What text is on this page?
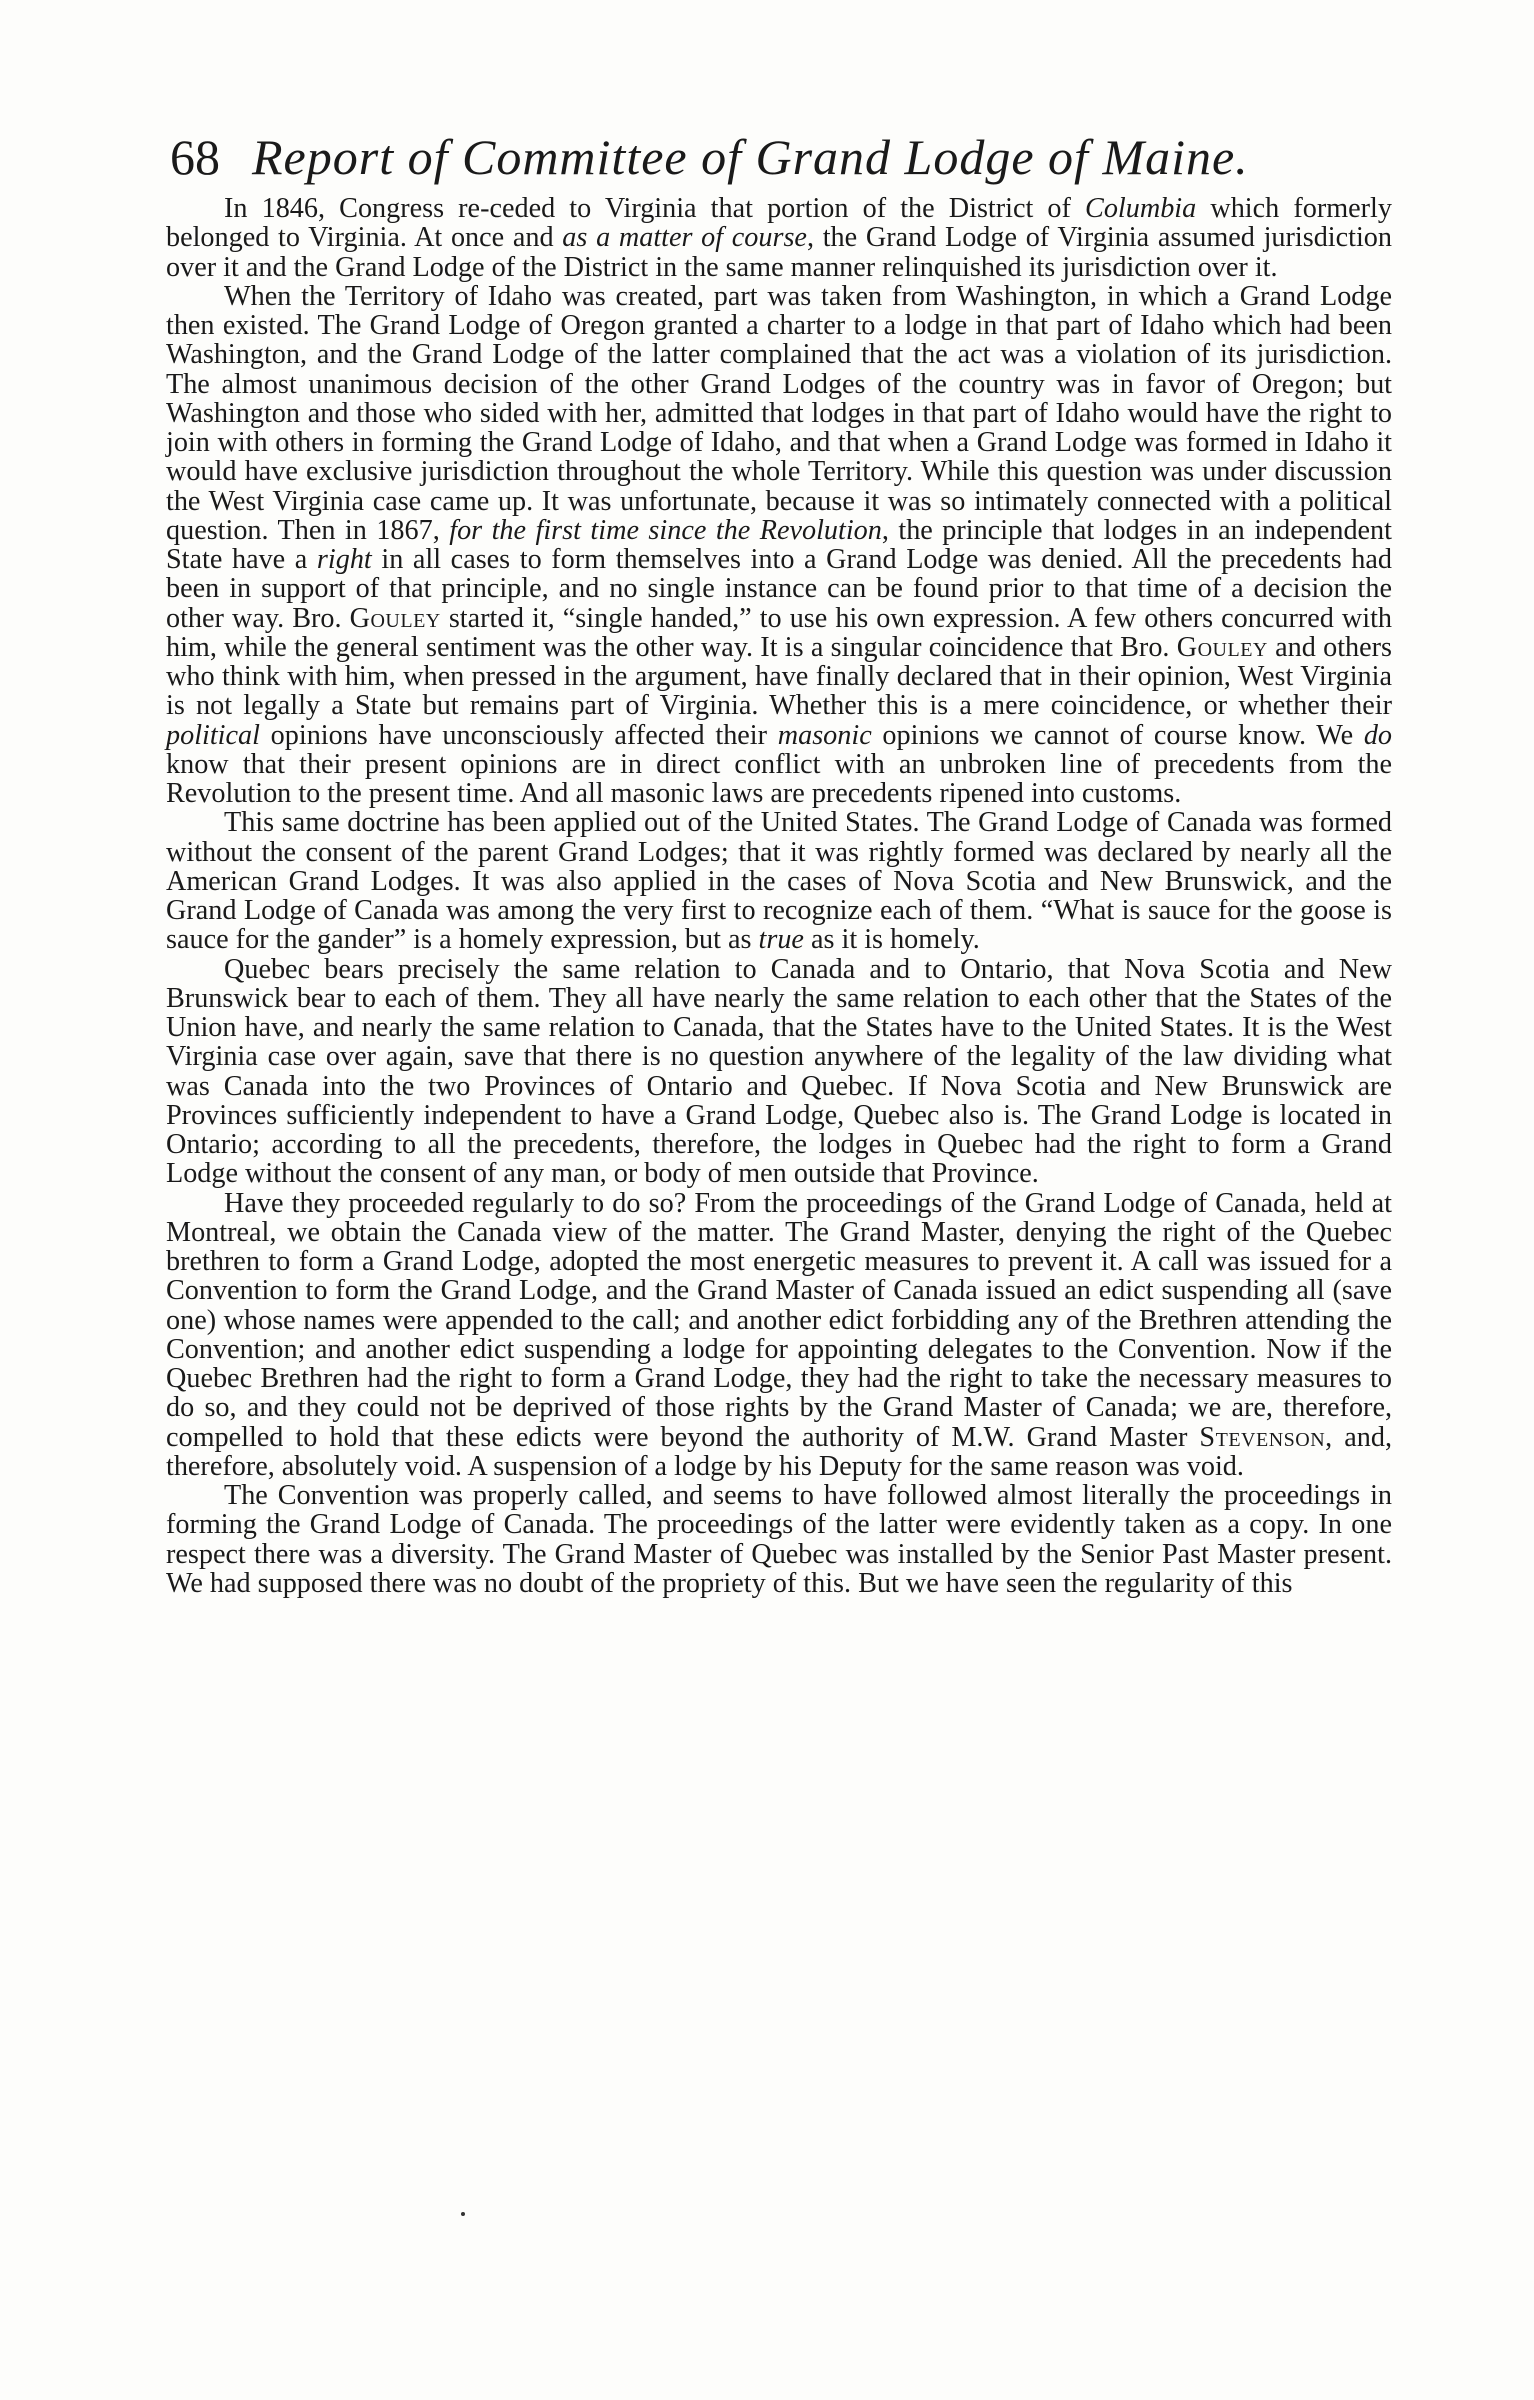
68 Report of Committee of Grand Lodge of Maine.

In 1846, Congress re-ceded to Virginia that portion of the District of Columbia which formerly belonged to Virginia. At once and as a matter of course, the Grand Lodge of Virginia assumed jurisdiction over it and the Grand Lodge of the District in the same manner relinquished its jurisdiction over it.

When the Territory of Idaho was created, part was taken from Washington, in which a Grand Lodge then existed. The Grand Lodge of Oregon granted a charter to a lodge in that part of Idaho which had been Washington, and the Grand Lodge of the latter complained that the act was a violation of its jurisdiction. The almost unanimous decision of the other Grand Lodges of the country was in favor of Oregon; but Washington and those who sided with her, admitted that lodges in that part of Idaho would have the right to join with others in forming the Grand Lodge of Idaho, and that when a Grand Lodge was formed in Idaho it would have exclusive jurisdiction throughout the whole Territory. While this question was under discussion the West Virginia case came up. It was unfortunate, because it was so intimately connected with a political question. Then in 1867, for the first time since the Revolution, the principle that lodges in an independent State have a right in all cases to form themselves into a Grand Lodge was denied. All the precedents had been in support of that principle, and no single instance can be found prior to that time of a decision the other way. Bro. Gouley started it, “single handed,” to use his own expression. A few others concurred with him, while the general sentiment was the other way. It is a singular coincidence that Bro. Gouley and others who think with him, when pressed in the argument, have finally declared that in their opinion, West Virginia is not legally a State but remains part of Virginia. Whether this is a mere coincidence, or whether their political opinions have unconsciously affected their masonic opinions we cannot of course know. We do know that their present opinions are in direct conflict with an unbroken line of precedents from the Revolution to the present time. And all masonic laws are precedents ripened into customs.

This same doctrine has been applied out of the United States. The Grand Lodge of Canada was formed without the consent of the parent Grand Lodges; that it was rightly formed was declared by nearly all the American Grand Lodges. It was also applied in the cases of Nova Scotia and New Brunswick, and the Grand Lodge of Canada was among the very first to recognize each of them. “What is sauce for the goose is sauce for the gander” is a homely expression, but as true as it is homely.

Quebec bears precisely the same relation to Canada and to Ontario, that Nova Scotia and New Brunswick bear to each of them. They all have nearly the same relation to each other that the States of the Union have, and nearly the same relation to Canada, that the States have to the United States. It is the West Virginia case over again, save that there is no question anywhere of the legality of the law dividing what was Canada into the two Provinces of Ontario and Quebec. If Nova Scotia and New Brunswick are Provinces sufficiently independent to have a Grand Lodge, Quebec also is. The Grand Lodge is located in Ontario; according to all the precedents, therefore, the lodges in Quebec had the right to form a Grand Lodge without the consent of any man, or body of men outside that Province.

Have they proceeded regularly to do so? From the proceedings of the Grand Lodge of Canada, held at Montreal, we obtain the Canada view of the matter. The Grand Master, denying the right of the Quebec brethren to form a Grand Lodge, adopted the most energetic measures to prevent it. A call was issued for a Convention to form the Grand Lodge, and the Grand Master of Canada issued an edict suspending all (save one) whose names were appended to the call; and another edict forbidding any of the Brethren attending the Convention; and another edict suspending a lodge for appointing delegates to the Convention. Now if the Quebec Brethren had the right to form a Grand Lodge, they had the right to take the necessary measures to do so, and they could not be deprived of those rights by the Grand Master of Canada; we are, therefore, compelled to hold that these edicts were beyond the authority of M.W. Grand Master Stevenson, and, therefore, absolutely void. A suspension of a lodge by his Deputy for the same reason was void.

The Convention was properly called, and seems to have followed almost literally the proceedings in forming the Grand Lodge of Canada. The proceedings of the latter were evidently taken as a copy. In one respect there was a diversity. The Grand Master of Quebec was installed by the Senior Past Master present. We had supposed there was no doubt of the propriety of this. But we have seen the regularity of this
